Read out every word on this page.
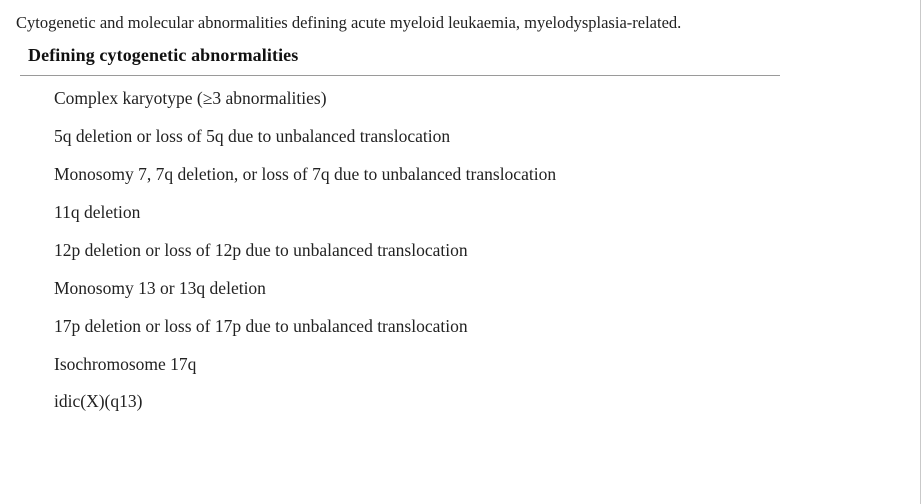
Cytogenetic and molecular abnormalities defining acute myeloid leukaemia, myelodysplasia-related.
Defining cytogenetic abnormalities
Complex karyotype (≥3 abnormalities)
5q deletion or loss of 5q due to unbalanced translocation
Monosomy 7, 7q deletion, or loss of 7q due to unbalanced translocation
11q deletion
12p deletion or loss of 12p due to unbalanced translocation
Monosomy 13 or 13q deletion
17p deletion or loss of 17p due to unbalanced translocation
Isochromosome 17q
idic(X)(q13)
